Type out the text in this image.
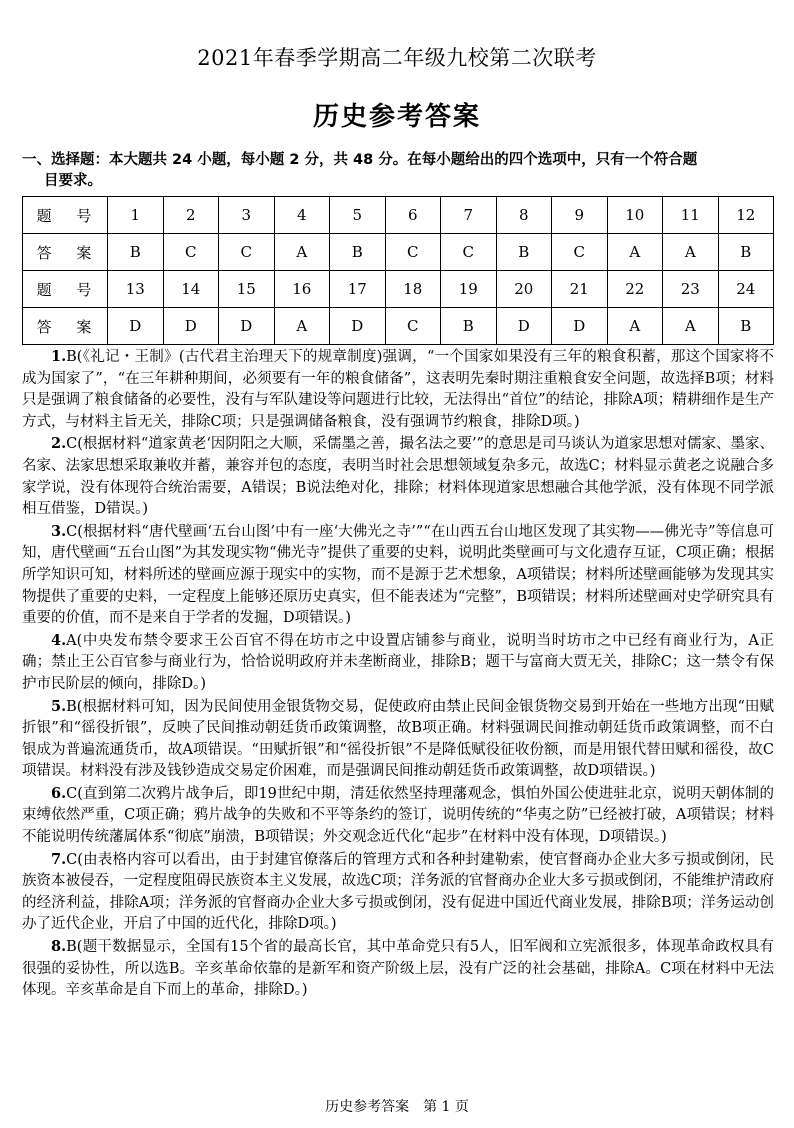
2021年春季学期高二年级九校第二次联考
历史参考答案
一、选择题：本大题共 24 小题，每小题 2 分，共 48 分。在每小题给出的四个选项中，只有一个符合题
目要求。
题 号	1	2	3	4	5	6	7	8	9	10	11	12
答 案	B	C	C	A	B	C	C	B	C	A	A	B
题 号	13	14	15	16	17	18	19	20	21	22	23	24
答 案	D	D	D	A	D	C	B	D	D	A	A	B

1.B(《礼记・王制》(古代君主治理天下的规章制度)强调，“一个国家如果没有三年的粮食积蓄，那这个国家将不成为国家了”，“在三年耕种期间，必须要有一年的粮食储备”，这表明先秦时期注重粮食安全问题，故选择B项；材料只是强调了粮食储备的必要性，没有与军队建设等问题进行比较，无法得出“首位”的结论，排除A项；精耕细作是生产方式，与材料主旨无关，排除C项；只是强调储备粮食，没有强调节约粮食，排除D项。)

2.C(根据材料“道家黄老‘因阴阳之大顺，采儒墨之善，撮名法之要’”的意思是司马谈认为道家思想对儒家、墨家、名家、法家思想采取兼收并蓄，兼容并包的态度，表明当时社会思想领域复杂多元，故选C；材料显示黄老之说融合多家学说，没有体现符合统治需要，A错误；B说法绝对化，排除；材料体现道家思想融合其他学派，没有体现不同学派相互借鉴，D错误。)

3.C(根据材料“唐代壁画‘五台山图’中有一座‘大佛光之寺’”“在山西五台山地区发现了其实物——佛光寺”等信息可知，唐代壁画“五台山图”为其发现实物“佛光寺”提供了重要的史料，说明此类壁画可与文化遗存互证，C项正确；根据所学知识可知，材料所述的壁画应源于现实中的实物，而不是源于艺术想象，A项错误；材料所述壁画能够为发现其实物提供了重要的史料，一定程度上能够还原历史真实，但不能表述为“完整”，B项错误；材料所述壁画对史学研究具有重要的价值，而不是来自于学者的发掘，D项错误。)

4.A(中央发布禁令要求王公百官不得在坊市之中设置店铺参与商业，说明当时坊市之中已经有商业行为，A正确；禁止王公百官参与商业行为，恰恰说明政府并未垄断商业，排除B；题干与富商大贾无关，排除C；这一禁令有保护市民阶层的倾向，排除D。)

5.B(根据材料可知，因为民间使用金银货物交易，促使政府由禁止民间金银货物交易到开始在一些地方出现“田赋折银”和“徭役折银”，反映了民间推动朝廷货币政策调整，故B项正确。材料强调民间推动朝廷货币政策调整，而不白银成为普遍流通货币，故A项错误。“田赋折银”和“徭役折银”不是降低赋役征收份额，而是用银代替田赋和徭役，故C项错误。材料没有涉及钱钞造成交易定价困难，而是强调民间推动朝廷货币政策调整，故D项错误。)

6.C(直到第二次鸦片战争后，即19世纪中期，清廷依然坚持理藩观念，惧怕外国公使进驻北京，说明天朝体制的束缚依然严重，C项正确；鸦片战争的失败和不平等条约的签订，说明传统的“华夷之防”已经被打破，A项错误；材料不能说明传统藩属体系“彻底”崩溃，B项错误；外交观念近代化“起步”在材料中没有体现，D项错误。)

7.C(由表格内容可以看出，由于封建官僚落后的管理方式和各种封建勒索，使官督商办企业大多亏损或倒闭，民族资本被侵吞，一定程度阻碍民族资本主义发展，故选C项；洋务派的官督商办企业大多亏损或倒闭，不能维护清政府的经济利益，排除A项；洋务派的官督商办企业大多亏损或倒闭，没有促进中国近代商业发展，排除B项；洋务运动创办了近代企业，开启了中国的近代化，排除D项。)

8.B(题干数据显示，全国有15个省的最高长官，其中革命党只有5人，旧军阀和立宪派很多，体现革命政权具有很强的妥协性，所以选B。辛亥革命依靠的是新军和资产阶级上层，没有广泛的社会基础，排除A。C项在材料中无法体现。辛亥革命是自下而上的革命，排除D。)

历史参考答案　第 1 页
